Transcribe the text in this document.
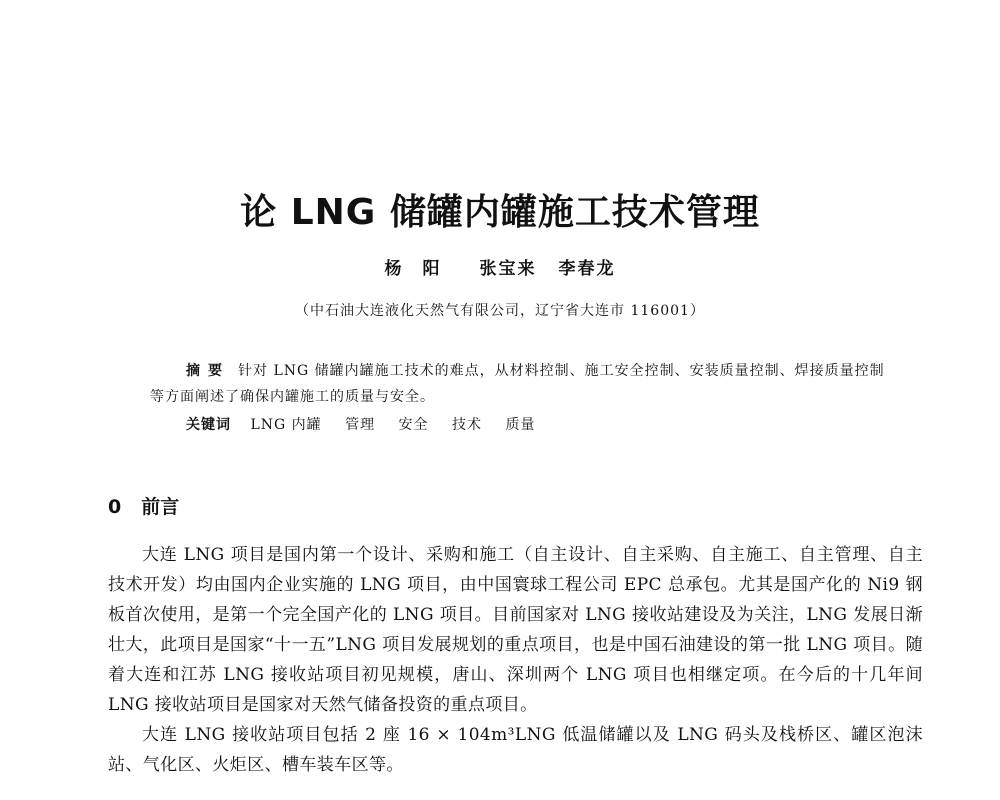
论 LNG 储罐内罐施工技术管理
杨　阳 张宝来 李春龙
（中石油大连液化天然气有限公司，辽宁省大连市 116001）
摘要 针对 LNG 储罐内罐施工技术的难点，从材料控制、施工安全控制、安装质量控制、焊接质量控制等方面阐述了确保内罐施工的质量与安全。
关键词 LNG 内罐 管理 安全 技术 质量
0 前言

大连 LNG 项目是国内第一个设计、采购和施工（自主设计、自主采购、自主施工、自主管理、自主技术开发）均由国内企业实施的 LNG 项目，由中国寰球工程公司 EPC 总承包。尤其是国产化的 Ni9 钢板首次使用，是第一个完全国产化的 LNG 项目。目前国家对 LNG 接收站建设及为关注，LNG 发展日渐壮大，此项目是国家“十一五”LNG 项目发展规划的重点项目，也是中国石油建设的第一批 LNG 项目。随着大连和江苏 LNG 接收站项目初见规模，唐山、深圳两个 LNG 项目也相继定项。在今后的十几年间 LNG 接收站项目是国家对天然气储备投资的重点项目。

大连 LNG 接收站项目包括 2 座 16 × 104m³LNG 低温储罐以及 LNG 码头及栈桥区、罐区泡沫站、气化区、火炬区、槽车装车区等。
